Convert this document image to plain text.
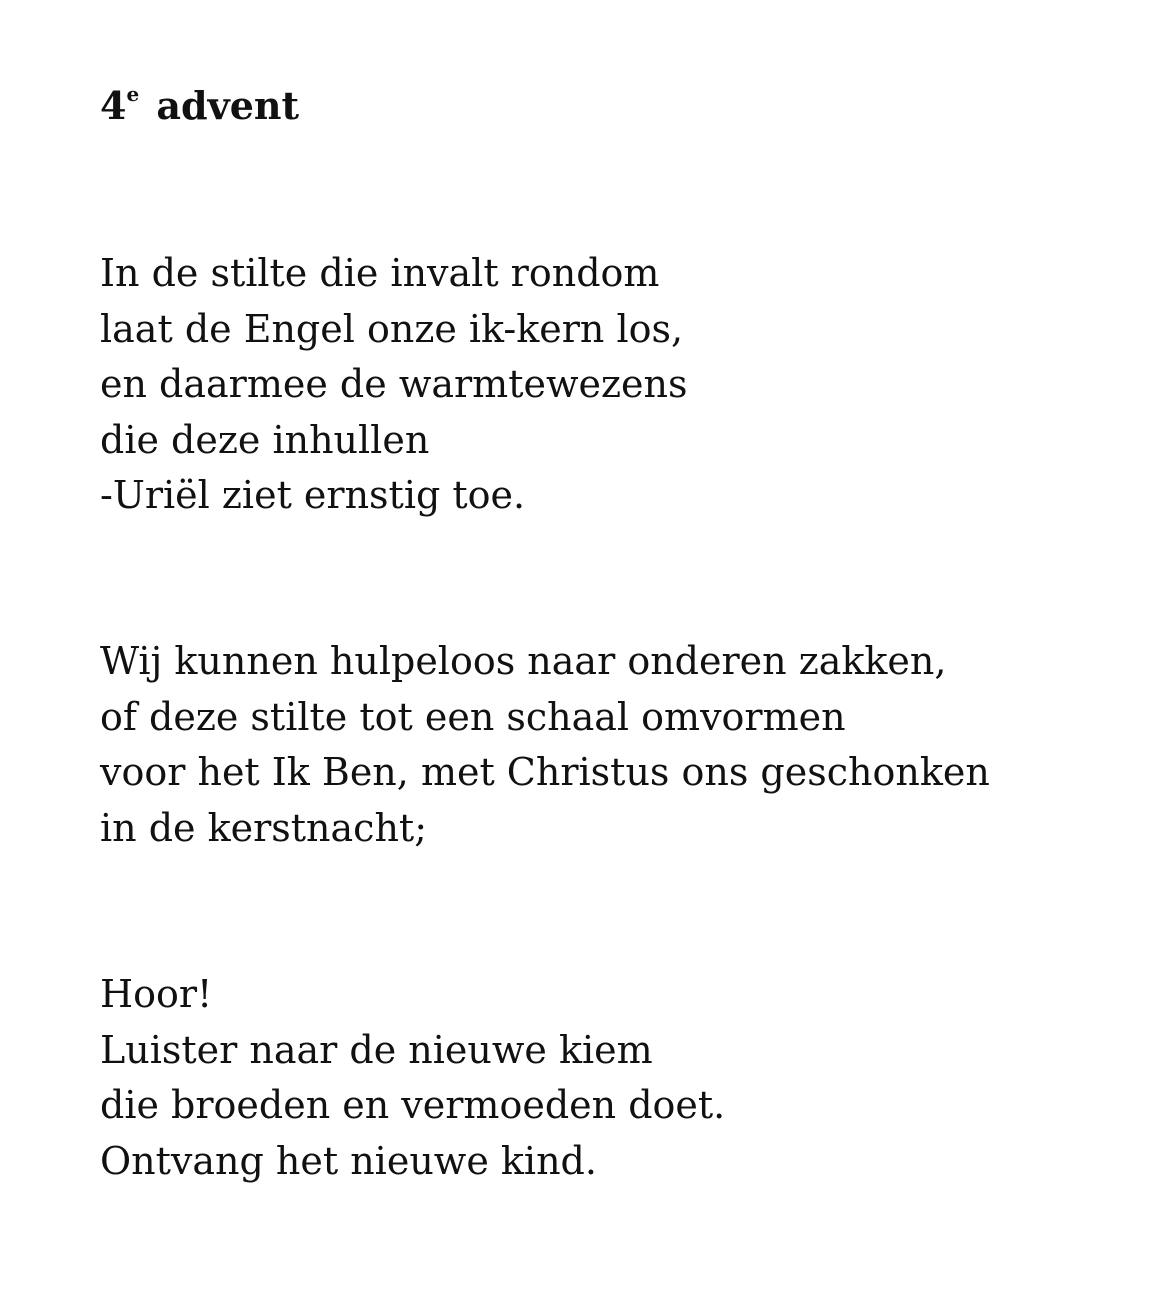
4e advent

In de stilte die invalt rondom
laat de Engel onze ik-kern los,
en daarmee de warmtewezens
die deze inhullen
-Uriël ziet ernstig toe.

Wij kunnen hulpeloos naar onderen zakken,
of deze stilte tot een schaal omvormen
voor het Ik Ben, met Christus ons geschonken
in de kerstnacht;

Hoor!
Luister naar de nieuwe kiem
die broeden en vermoeden doet.
Ontvang het nieuwe kind.
